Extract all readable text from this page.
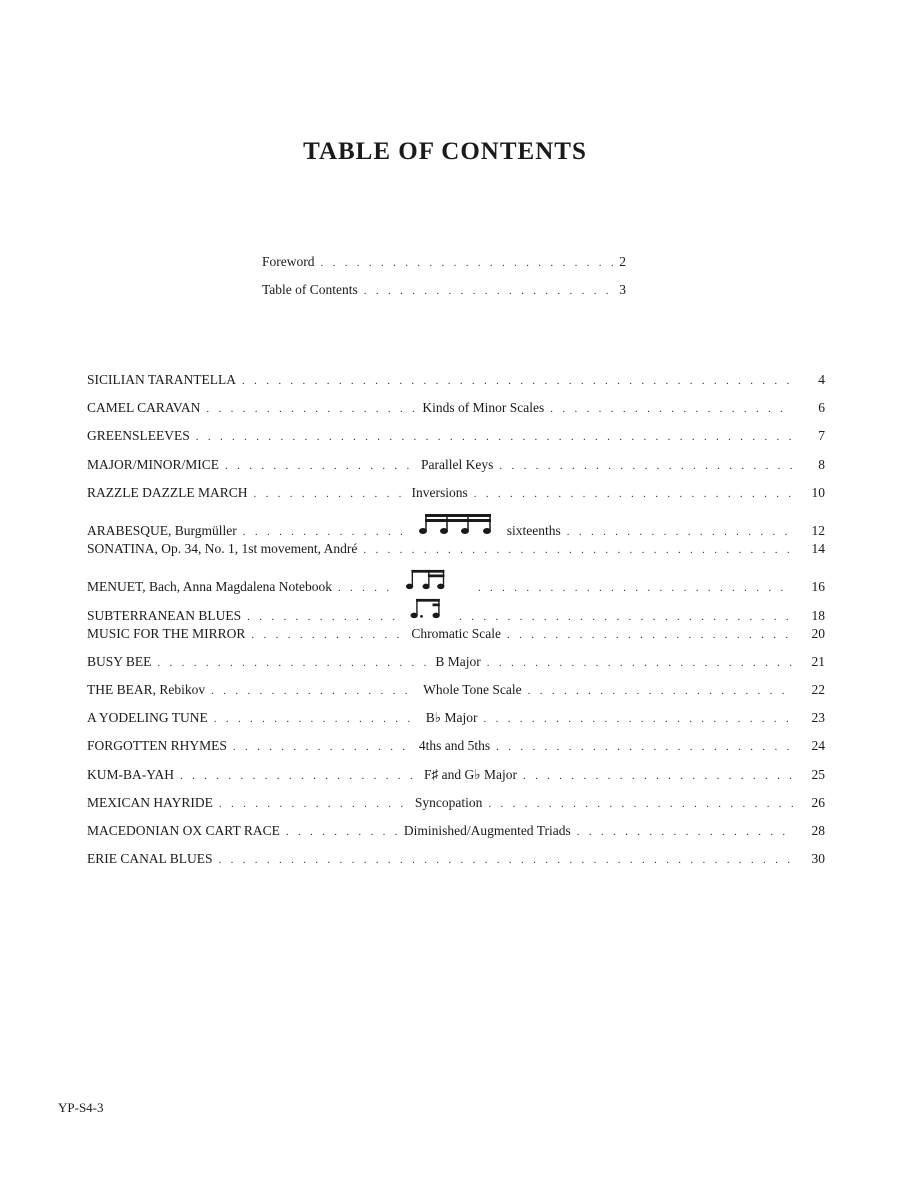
TABLE OF CONTENTS
Foreword . . .	2
Table of Contents . . .	3
SICILIAN TARANTELLA . . .	4
CAMEL CARAVAN . . .	Kinds of Minor Scales . . .	6
GREENSLEEVES . . .	7
MAJOR/MINOR/MICE . . .	Parallel Keys . . .	8
RAZZLE DAZZLE MARCH . . .	Inversions . . .	10
ARABESQUE, Burgmüller . . .	sixteenths . . .	12
SONATINA, Op. 34, No. 1, 1st movement, André . . .	14
MENUET, Bach, Anna Magdalena Notebook . . . . . .	16
SUBTERRANEAN BLUES . . . . . .	18
MUSIC FOR THE MIRROR . . .	Chromatic Scale . . .	20
BUSY BEE . . .	B Major . . .	21
THE BEAR, Rebikov . . .	Whole Tone Scale . . .	22
A YODELING TUNE . . .	B♭ Major . . .	23
FORGOTTEN RHYMES . . .	4ths and 5ths . . .	24
KUM-BA-YAH . . .	F♯ and G♭ Major . . .	25
MEXICAN HAYRIDE . . .	Syncopation . . .	26
MACEDONIAN OX CART RACE . . .	Diminished/Augmented Triads . . .	28
ERIE CANAL BLUES . . .	30
YP-S4-3
